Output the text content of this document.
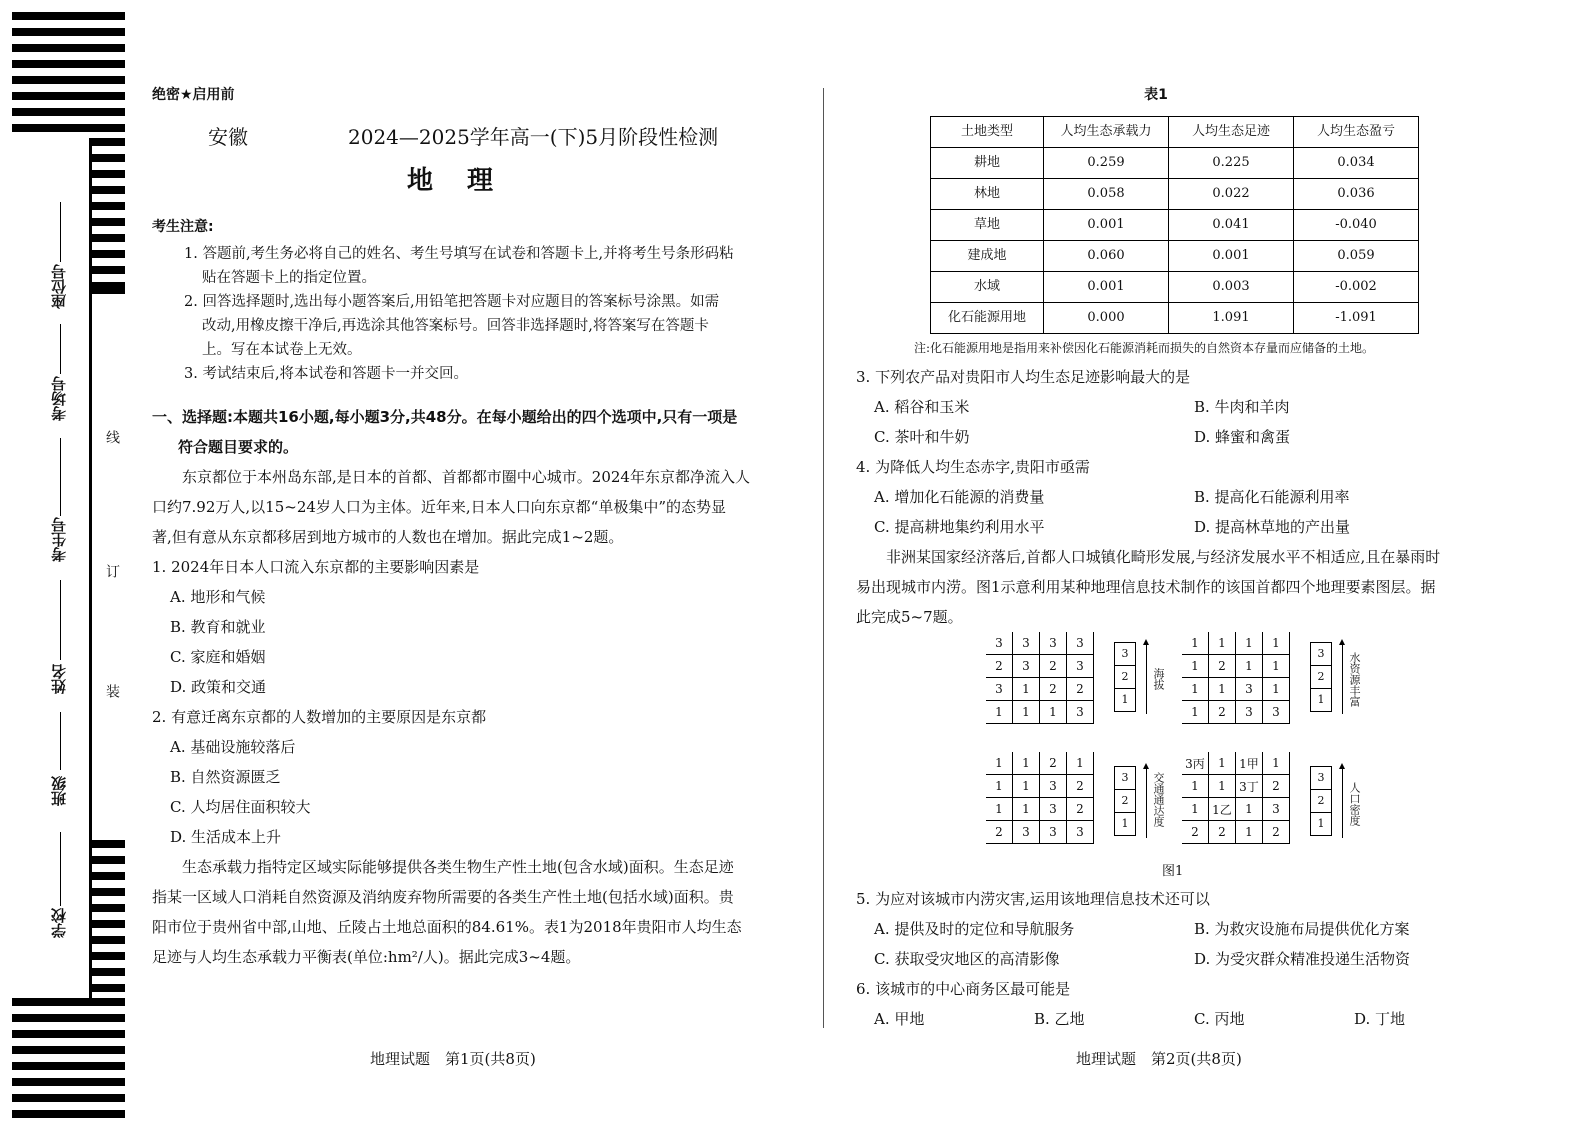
座位号
考场号
考生号
姓名
班级
学校
线
订
装

绝密★启用前

安徽　　　　　2024—2025学年高一(下)5月阶段性检测

地　理

考生注意:

1. 答题前,考生务必将自己的姓名、考生号填写在试卷和答题卡上,并将考生号条形码粘

贴在答题卡上的指定位置。

2. 回答选择题时,选出每小题答案后,用铅笔把答题卡对应题目的答案标号涂黑。如需

改动,用橡皮擦干净后,再选涂其他答案标号。回答非选择题时,将答案写在答题卡

上。写在本试卷上无效。

3. 考试结束后,将本试卷和答题卡一并交回。

一、选择题:本题共16小题,每小题3分,共48分。在每小题给出的四个选项中,只有一项是

符合题目要求的。

东京都位于本州岛东部,是日本的首都、首都都市圈中心城市。2024年东京都净流入人

口约7.92万人,以15~24岁人口为主体。近年来,日本人口向东京都“单极集中”的态势显

著,但有意从东京都移居到地方城市的人数也在增加。据此完成1~2题。

1. 2024年日本人口流入东京都的主要影响因素是

A. 地形和气候

B. 教育和就业

C. 家庭和婚姻

D. 政策和交通

2. 有意迁离东京都的人数增加的主要原因是东京都

A. 基础设施较落后

B. 自然资源匮乏

C. 人均居住面积较大

D. 生活成本上升

生态承载力指特定区域实际能够提供各类生物生产性土地(包含水域)面积。生态足迹

指某一区域人口消耗自然资源及消纳废弃物所需要的各类生产性土地(包括水域)面积。贵

阳市位于贵州省中部,山地、丘陵占土地总面积的84.61%。表1为2018年贵阳市人均生态

足迹与人均生态承载力平衡表(单位:hm²/人)。据此完成3~4题。

地理试题　第1页(共8页)

表1

土地类型	人均生态承载力	人均生态足迹	人均生态盈亏
耕地	0.259	0.225	0.034
林地	0.058	0.022	0.036
草地	0.001	0.041	-0.040
建成地	0.060	0.001	0.059
水域	0.001	0.003	-0.002
化石能源用地	0.000	1.091	-1.091

注:化石能源用地是指用来补偿因化石能源消耗而损失的自然资本存量而应储备的土地。

3. 下列农产品对贵阳市人均生态足迹影响最大的是

A. 稻谷和玉米	B. 牛肉和羊肉
C. 茶叶和牛奶	D. 蜂蜜和禽蛋

4. 为降低人均生态赤字,贵阳市亟需

A. 增加化石能源的消费量	B. 提高化石能源利用率
C. 提高耕地集约利用水平	D. 提高林草地的产出量

非洲某国家经济落后,首都人口城镇化畸形发展,与经济发展水平不相适应,且在暴雨时

易出现城市内涝。图1示意利用某种地理信息技术制作的该国首都四个地理要素图层。据

此完成5~7题。

3	3	3	3
2	3	2	3
3	1	2	2
1	1	1	3
3
2
1
海拔
1	1	1	1
1	2	1	1
1	1	3	1
1	2	3	3
3
2
1	水资源丰富
1	1	2	1
1	1	3	2
1	1	3	2
2	3	3	3
3
2
1	交通通达度
3丙	1	1甲	1
1	1	3丁	2
1	1乙	1	3
2	2	1	2
3
2
1	人口密度
图1

5. 为应对该城市内涝灾害,运用该地理信息技术还可以

A. 提供及时的定位和导航服务	B. 为救灾设施布局提供优化方案
C. 获取受灾地区的高清影像	D. 为受灾群众精准投递生活物资

6. 该城市的中心商务区最可能是

A. 甲地	B. 乙地	C. 丙地	D. 丁地
地理试题　第2页(共8页)
